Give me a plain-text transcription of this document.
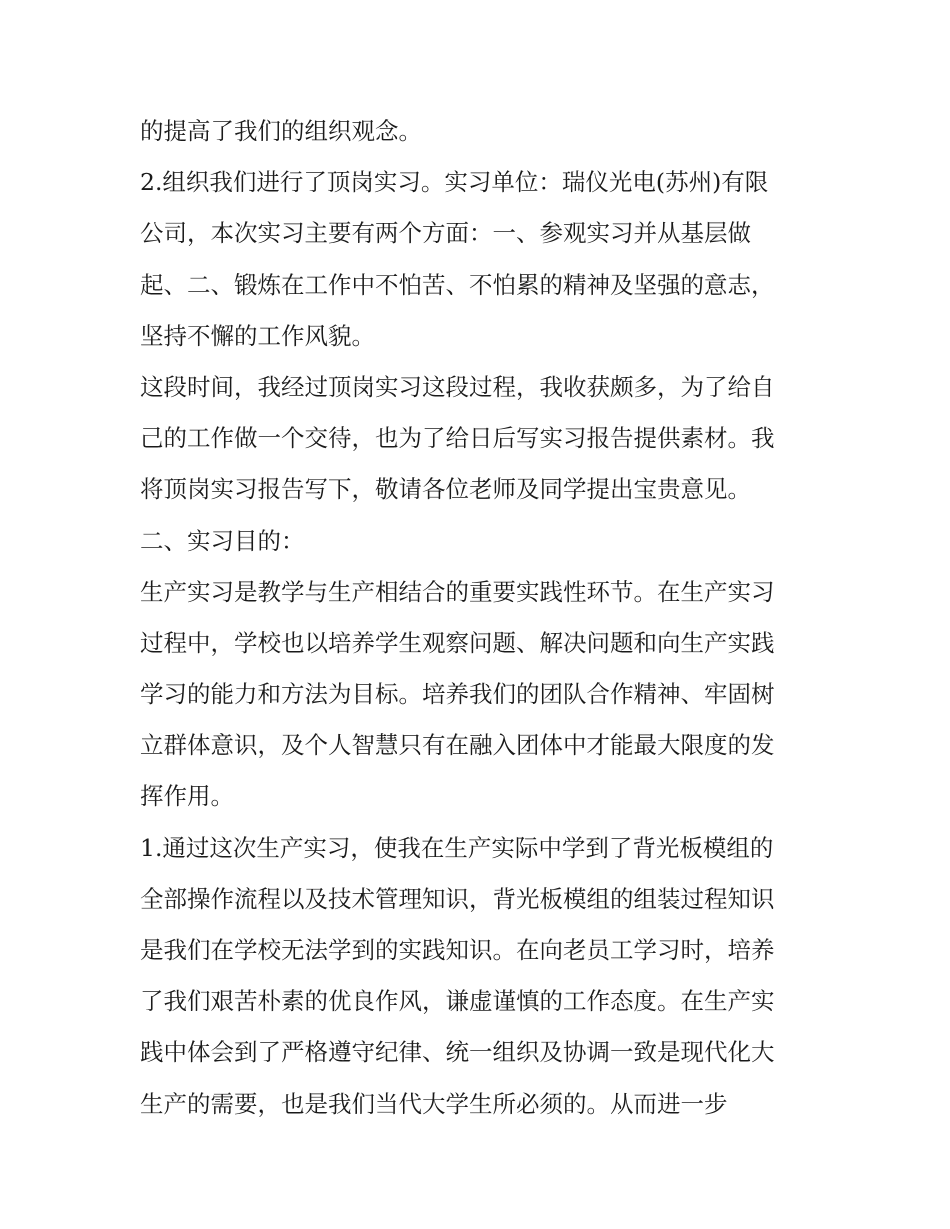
的提高了我们的组织观念。
2.组织我们进行了顶岗实习。实习单位：瑞仪光电(苏州)有限
公司，本次实习主要有两个方面：一、参观实习并从基层做
起、二、锻炼在工作中不怕苦、不怕累的精神及坚强的意志，
坚持不懈的工作风貌。
这段时间，我经过顶岗实习这段过程，我收获颇多，为了给自
己的工作做一个交待，也为了给日后写实习报告提供素材。我
将顶岗实习报告写下，敬请各位老师及同学提出宝贵意见。
二、实习目的：
生产实习是教学与生产相结合的重要实践性环节。在生产实习
过程中，学校也以培养学生观察问题、解决问题和向生产实践
学习的能力和方法为目标。培养我们的团队合作精神、牢固树
立群体意识，及个人智慧只有在融入团体中才能最大限度的发
挥作用。
1.通过这次生产实习，使我在生产实际中学到了背光板模组的
全部操作流程以及技术管理知识，背光板模组的组装过程知识
是我们在学校无法学到的实践知识。在向老员工学习时，培养
了我们艰苦朴素的优良作风，谦虚谨慎的工作态度。在生产实
践中体会到了严格遵守纪律、统一组织及协调一致是现代化大
生产的需要，也是我们当代大学生所必须的。从而进一步
